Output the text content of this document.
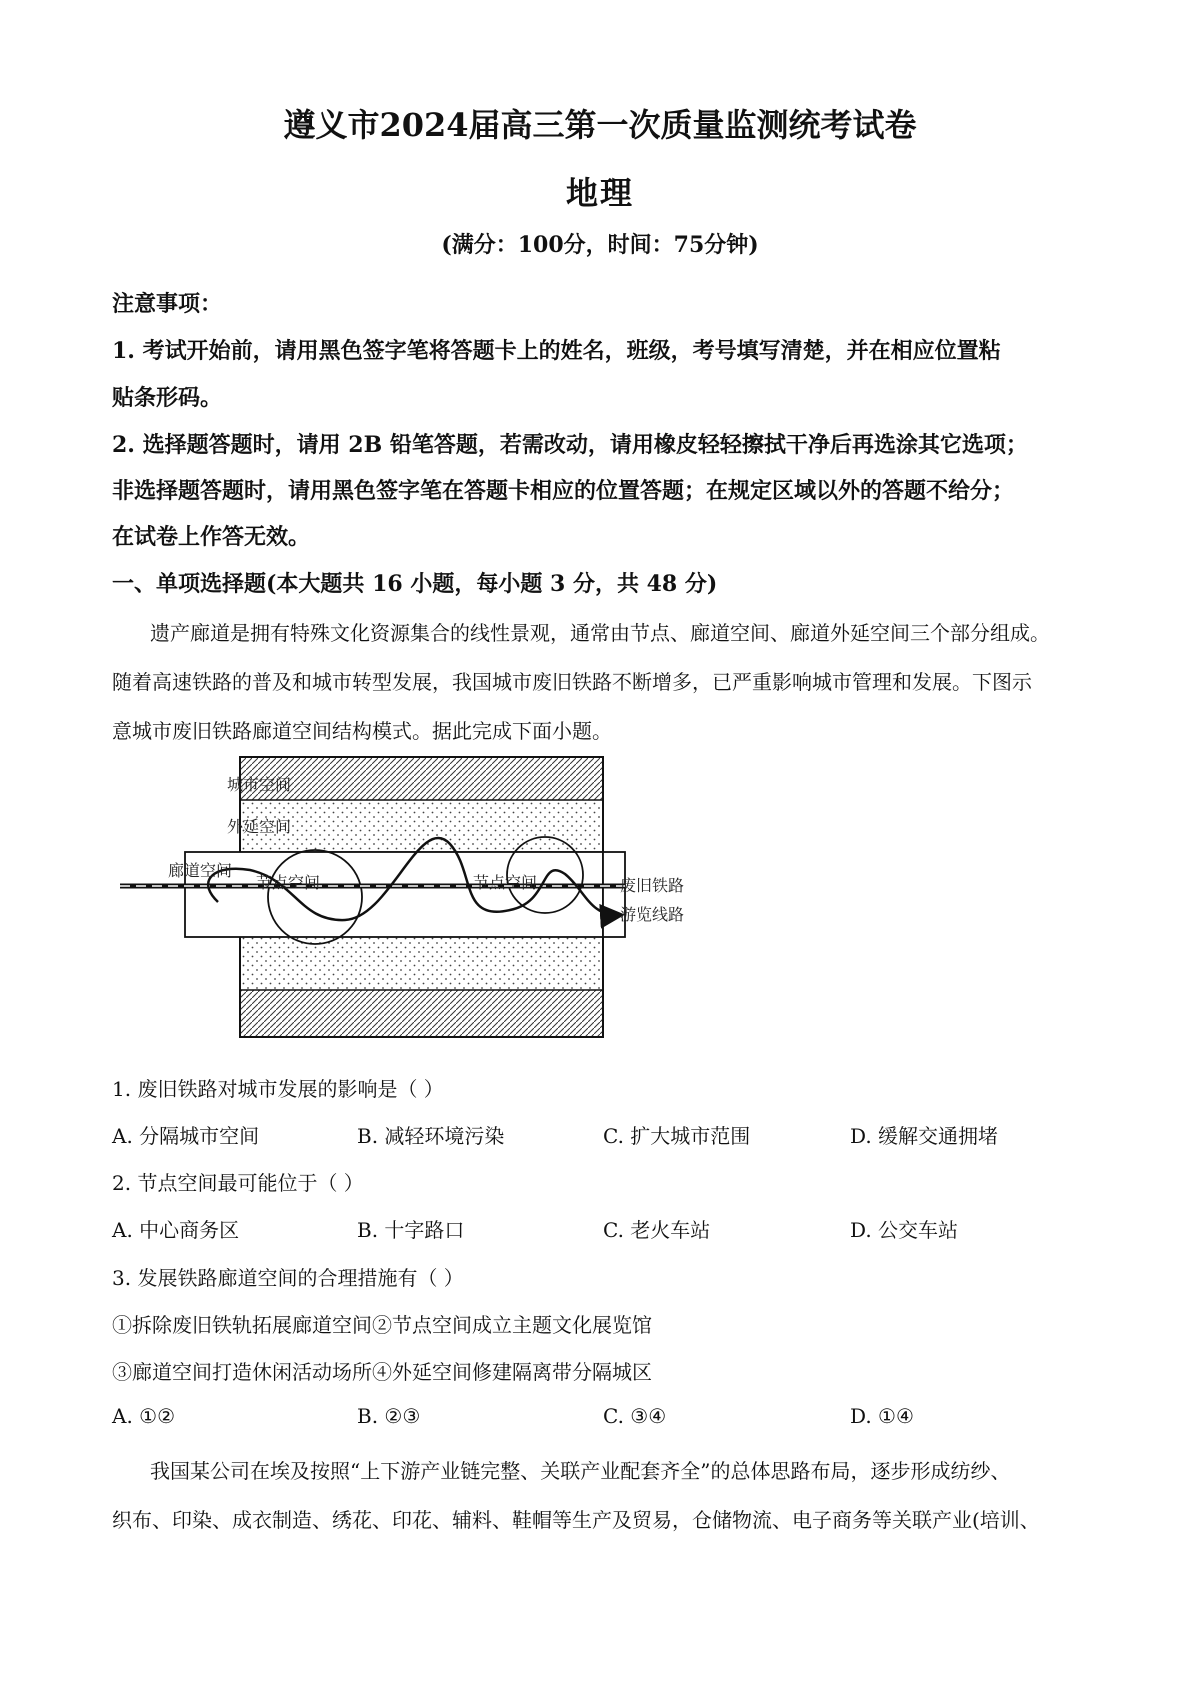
遵义市2024届高三第一次质量监测统考试卷
地理
(满分：100分，时间：75分钟)
注意事项：
1. 考试开始前，请用黑色签字笔将答题卡上的姓名，班级，考号填写清楚，并在相应位置粘
贴条形码。
2. 选择题答题时，请用 2B 铅笔答题，若需改动，请用橡皮轻轻擦拭干净后再选涂其它选项；
非选择题答题时，请用黑色签字笔在答题卡相应的位置答题；在规定区域以外的答题不给分；
在试卷上作答无效。
一、单项选择题(本大题共 16 小题，每小题 3 分，共 48 分)
遗产廊道是拥有特殊文化资源集合的线性景观，通常由节点、廊道空间、廊道外延空间三个部分组成。
随着高速铁路的普及和城市转型发展，我国城市废旧铁路不断增多，已严重影响城市管理和发展。下图示
意城市废旧铁路廊道空间结构模式。据此完成下面小题。
城市空间
外延空间
廊道空间
节点空间	节点空间	废旧铁路
游览线路
1. 废旧铁路对城市发展的影响是（ ）
A. 分隔城市空间	B. 减轻环境污染	C. 扩大城市范围	D. 缓解交通拥堵
2. 节点空间最可能位于（ ）
A. 中心商务区	B. 十字路口	C. 老火车站	D. 公交车站
3. 发展铁路廊道空间的合理措施有（ ）
①拆除废旧铁轨拓展廊道空间②节点空间成立主题文化展览馆
③廊道空间打造休闲活动场所④外延空间修建隔离带分隔城区
A. ①②	B. ②③	C. ③④	D. ①④
我国某公司在埃及按照“上下游产业链完整、关联产业配套齐全”的总体思路布局，逐步形成纺纱、
织布、印染、成衣制造、绣花、印花、辅料、鞋帽等生产及贸易，仓储物流、电子商务等关联产业(培训、
